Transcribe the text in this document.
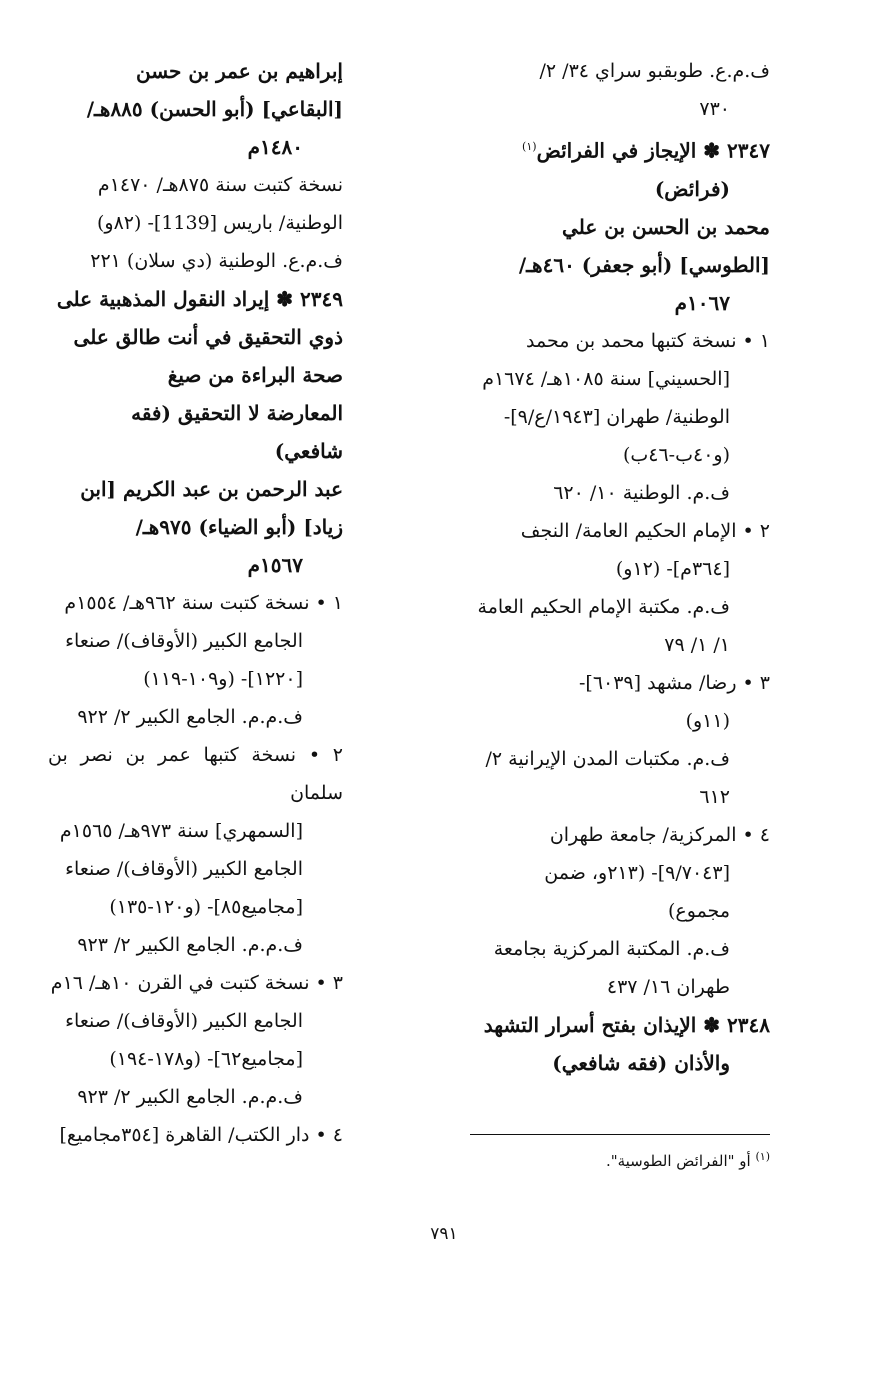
ف.م.ع. طوبقبو سراي ٣٤/ ٢/
٧٣٠
٢٣٤٧ ✽ الإيجاز في الفرائض$^{(١)}$
(فرائض)
محمد بن الحسن بن علي
[الطوسي] (أبو جعفر) ٤٦٠هـ/
١٠٦٧م
١ • نسخة كتبها محمد بن محمد
[الحسيني] سنة ١٠٨٥هـ/ ١٦٧٤م
الوطنية/ طهران [١٩٤٣/ع/٩]-
(و٤٠ب-٤٦ب)
ف.م. الوطنية ١٠/ ٦٢٠
٢ • الإمام الحكيم العامة/ النجف
[٣٦٤م]- (١٢و)
ف.م. مكتبة الإمام الحكيم العامة
١/ ١/ ٧٩
٣ • رضا/ مشهد [٦٠٣٩]-
(١١و)
ف.م. مكتبات المدن الإيرانية ٢/
٦١٢
٤ • المركزية/ جامعة طهران
[٩/٧٠٤٣]- (٢١٣و، ضمن
مجموع)
ف.م. المكتبة المركزية بجامعة
طهران ١٦/ ٤٣٧
٢٣٤٨ ✽ الإيذان بفتح أسرار التشهد
والأذان (فقه شافعي)
إبراهيم بن عمر بن حسن
[البقاعي] (أبو الحسن) ٨٨٥هـ/
١٤٨٠م
نسخة كتبت سنة ٨٧٥هـ/ ١٤٧٠م
الوطنية/ باريس [1139]- (٨٢و)
ف.م.ع. الوطنية (دي سلان) ٢٢١
٢٣٤٩ ✽ إيراد النقول المذهبية على
ذوي التحقيق في أنت طالق على
صحة البراءة من صيغ
المعارضة لا التحقيق (فقه
شافعي)
عبد الرحمن بن عبد الكريم [ابن
زياد] (أبو الضياء) ٩٧٥هـ/
١٥٦٧م
١ • نسخة كتبت سنة ٩٦٢هـ/ ١٥٥٤م
الجامع الكبير (الأوقاف)/ صنعاء
[١٢٢٠]- (و١٠٩-١١٩)
ف.م.م. الجامع الكبير ٢/ ٩٢٢
٢ • نسخة كتبها عمر بن نصر بن سلمان
[السمهري] سنة ٩٧٣هـ/ ١٥٦٥م
الجامع الكبير (الأوقاف)/ صنعاء
[مجاميع٨٥]- (و١٢٠-١٣٥)
ف.م.م. الجامع الكبير ٢/ ٩٢٣
٣ • نسخة كتبت في القرن ١٠هـ/ ١٦م
الجامع الكبير (الأوقاف)/ صنعاء
[مجاميع٦٢]- (و١٧٨-١٩٤)
ف.م.م. الجامع الكبير ٢/ ٩٢٣
٤ • دار الكتب/ القاهرة [٣٥٤مجاميع]
$^{(١)}$ أو "الفرائض الطوسية".
٧٩١
